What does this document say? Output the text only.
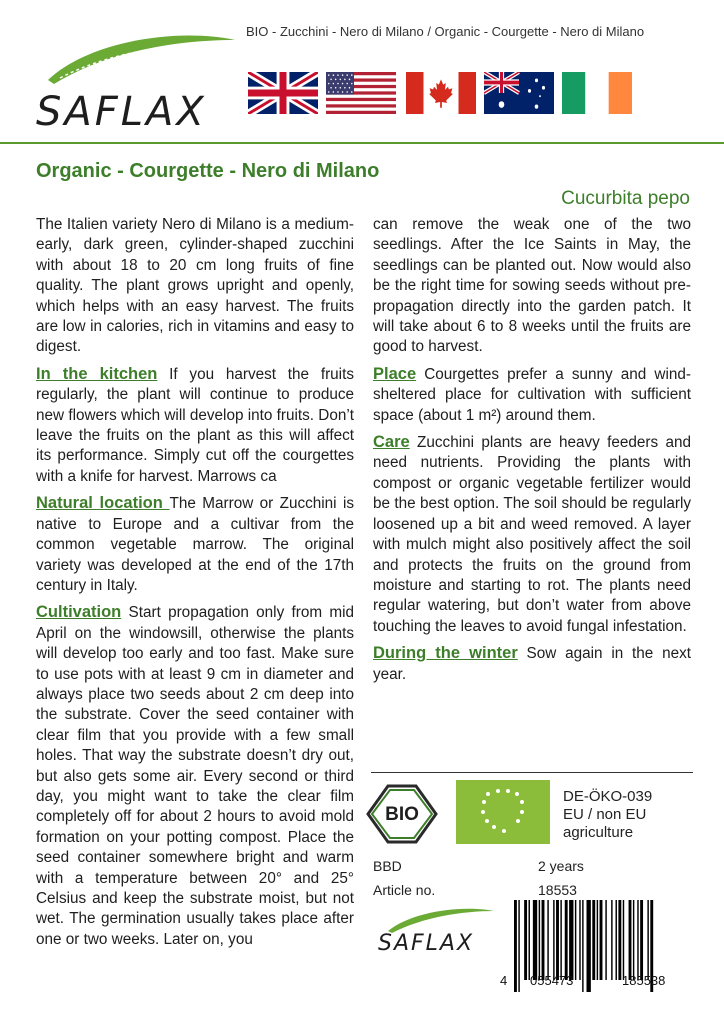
BIO - Zucchini - Nero di Milano / Organic - Courgette - Nero di Milano
SAFLAX
Organic - Courgette - Nero di Milano
Cucurbita pepo

The Italien variety Nero di Milano is a medium-early, dark green, cylinder-shaped zucchini with about 18 to 20 cm long fruits of fine quality. The plant grows upright and openly, which helps with an easy harvest. The fruits are low in calories, rich in vitamins and easy to digest.

In the kitchen If you harvest the fruits regularly, the plant will continue to produce new flowers which will develop into fruits. Don’t leave the fruits on the plant as this will affect its performance. Simply cut off the courgettes with a knife for harvest. Marrows ca

Natural location The Marrow or Zucchini is native to Europe and a cultivar from the common vegetable marrow. The original variety was developed at the end of the 17th century in Italy.

Cultivation Start propagation only from mid April on the windowsill, otherwise the plants will develop too early and too fast. Make sure to use pots with at least 9 cm in diameter and always place two seeds about 2 cm deep into the substrate. Cover the seed container with clear film that you provide with a few small holes. That way the substrate doesn’t dry out, but also gets some air. Every second or third day, you might want to take the clear film completely off for about 2 hours to avoid mold formation on your potting compost. Place the seed container somewhere bright and warm with a temperature between 20° and 25° Celsius and keep the substrate moist, but not wet. The germination usually takes place after one or two weeks. Later on, you

can remove the weak one of the two seedlings. After the Ice Saints in May, the seedlings can be planted out. Now would also be the right time for sowing seeds without pre-propagation directly into the garden patch. It will take about 6 to 8 weeks until the fruits are good to harvest.

Place Courgettes prefer a sunny and wind-sheltered place for cultivation with sufficient space (about 1 m²) around them.

Care Zucchini plants are heavy feeders and need nutrients. Providing the plants with compost or organic vegetable fertilizer would be the best option. The soil should be regularly loosened up a bit and weed removed. A layer with mulch might also positively affect the soil and protects the fruits on the ground from moisture and starting to rot. The plants need regular watering, but don’t water from above touching the leaves to avoid fungal infestation.

During the winter Sow again in the next year.

BIO
DE-ÖKO-039
EU / non EU
agriculture
BBD	2 years
Article no.	18553
SAFLAX
4 055473	185538
